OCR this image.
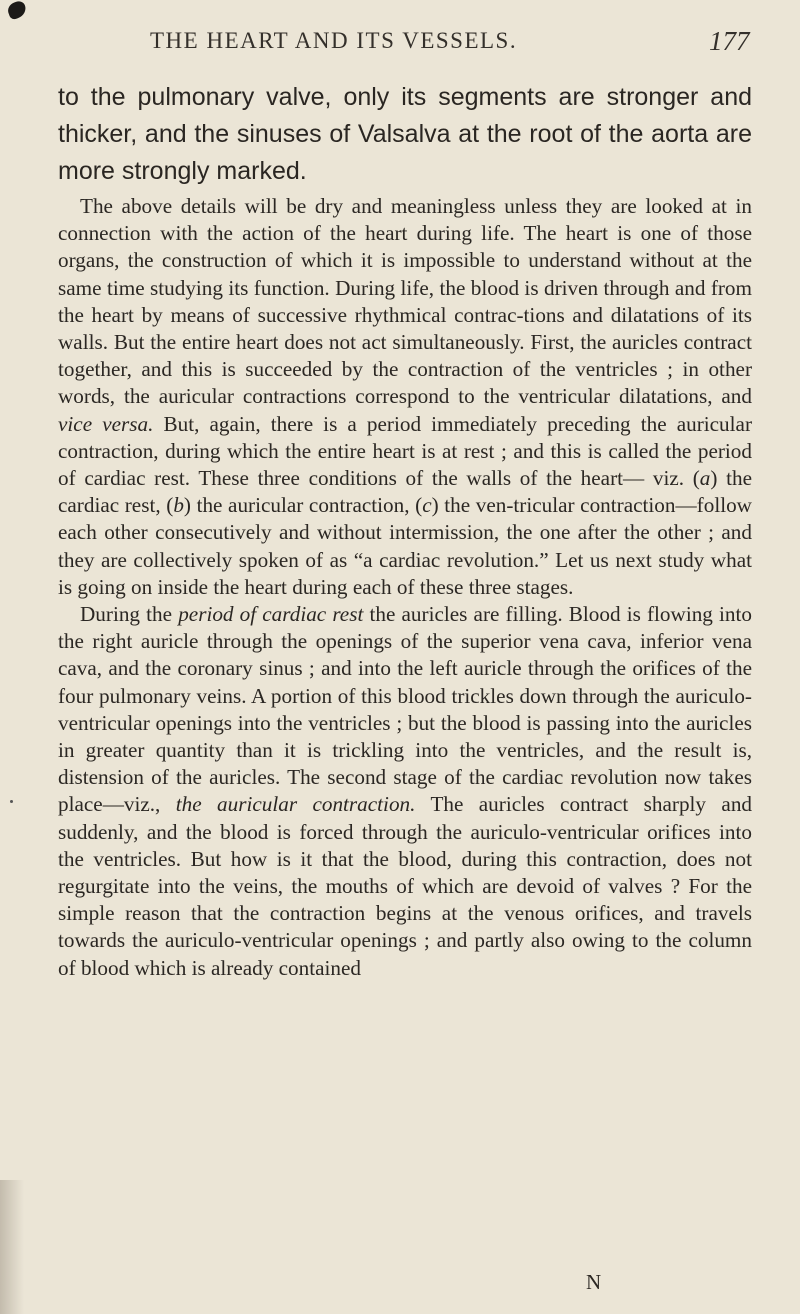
THE HEART AND ITS VESSELS.	177

to the pulmonary valve, only its segments are stronger and thicker, and the sinuses of Valsalva at the root of the aorta are more strongly marked.

The above details will be dry and meaningless unless they are looked at in connection with the action of the heart during life. The heart is one of those organs, the construction of which it is impossible to understand without at the same time studying its function. During life, the blood is driven through and from the heart by means of successive rhythmical contrac-tions and dilatations of its walls. But the entire heart does not act simultaneously. First, the auricles contract together, and this is succeeded by the contraction of the ventricles ; in other words, the auricular contractions correspond to the ventricular dilatations, and vice versa. But, again, there is a period immediately preceding the auricular contraction, during which the entire heart is at rest ; and this is called the period of cardiac rest. These three conditions of the walls of the heart— viz. (a) the cardiac rest, (b) the auricular contraction, (c) the ven-tricular contraction—follow each other consecutively and without intermission, the one after the other ; and they are collectively spoken of as “a cardiac revolution.” Let us next study what is going on inside the heart during each of these three stages.

During the period of cardiac rest the auricles are filling. Blood is flowing into the right auricle through the openings of the superior vena cava, inferior vena cava, and the coronary sinus ; and into the left auricle through the orifices of the four pulmonary veins. A portion of this blood trickles down through the auriculo-ventricular openings into the ventricles ; but the blood is passing into the auricles in greater quantity than it is trickling into the ventricles, and the result is, distension of the auricles. The second stage of the cardiac revolution now takes place—viz., the auricular contraction. The auricles contract sharply and suddenly, and the blood is forced through the auriculo-ventricular orifices into the ventricles. But how is it that the blood, during this contraction, does not regurgitate into the veins, the mouths of which are devoid of valves ? For the simple reason that the contraction begins at the venous orifices, and travels towards the auriculo-ventricular openings ; and partly also owing to the column of blood which is already contained

N
